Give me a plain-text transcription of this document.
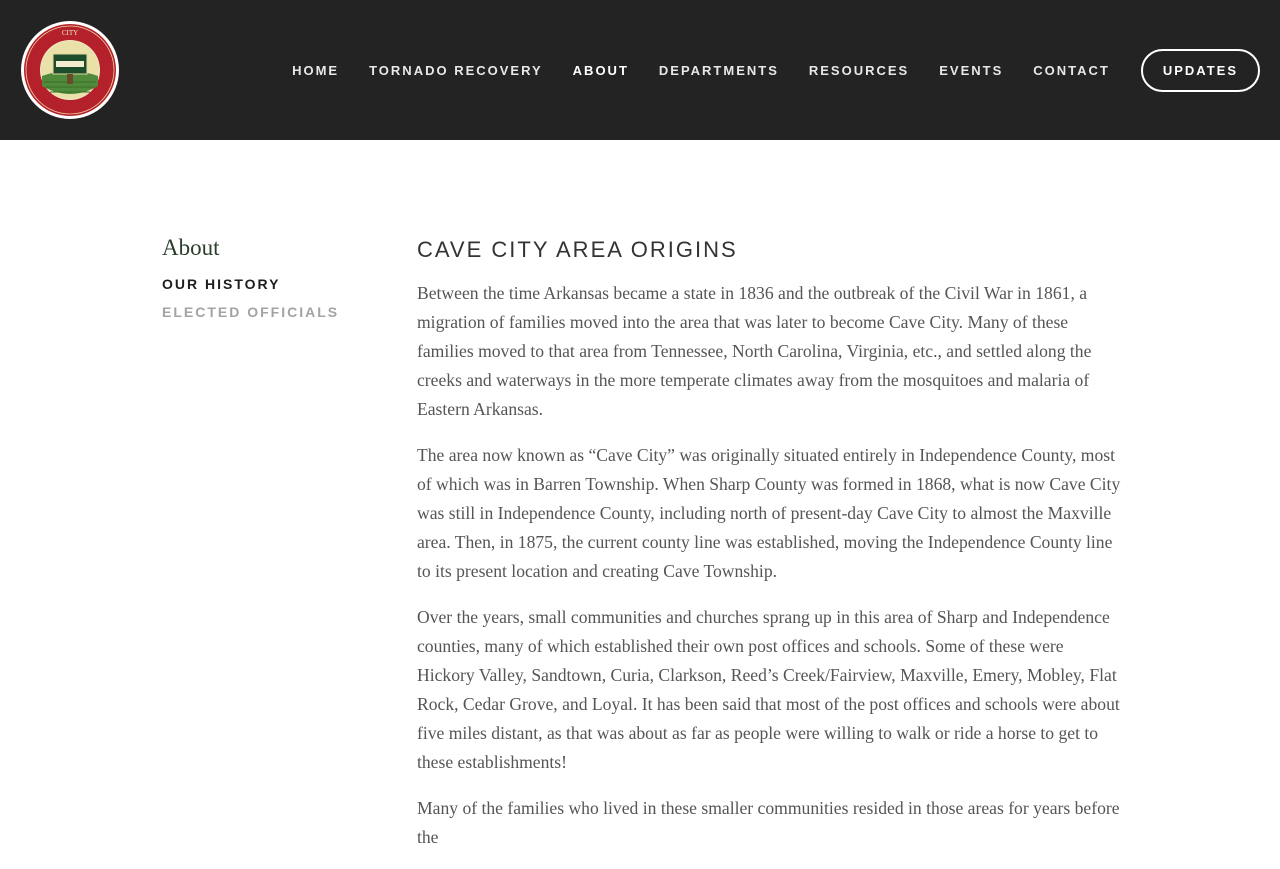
CITY
HOME TORNADO RECOVERY ABOUT DEPARTMENTS RESOURCES EVENTS CONTACT	UPDATES
About
OUR HISTORY
ELECTED OFFICIALS
CAVE CITY AREA ORIGINS

Between the time Arkansas became a state in 1836 and the outbreak of the Civil War in 1861, a migration of families moved into the area that was later to become Cave City. Many of these families moved to that area from Tennessee, North Carolina, Virginia, etc., and settled along the creeks and waterways in the more temperate climates away from the mosquitoes and malaria of Eastern Arkansas.

The area now known as “Cave City” was originally situated entirely in Independence County, most of which was in Barren Township. When Sharp County was formed in 1868, what is now Cave City was still in Independence County, including north of present-day Cave City to almost the Maxville area. Then, in 1875, the current county line was established, moving the Independence County line to its present location and creating Cave Township.

Over the years, small communities and churches sprang up in this area of Sharp and Independence counties, many of which established their own post offices and schools. Some of these were Hickory Valley, Sandtown, Curia, Clarkson, Reed’s Creek/Fairview, Maxville, Emery, Mobley, Flat Rock, Cedar Grove, and Loyal. It has been said that most of the post offices and schools were about five miles distant, as that was about as far as people were willing to walk or ride a horse to get to these establishments!

Many of the families who lived in these smaller communities resided in those areas for years before the
